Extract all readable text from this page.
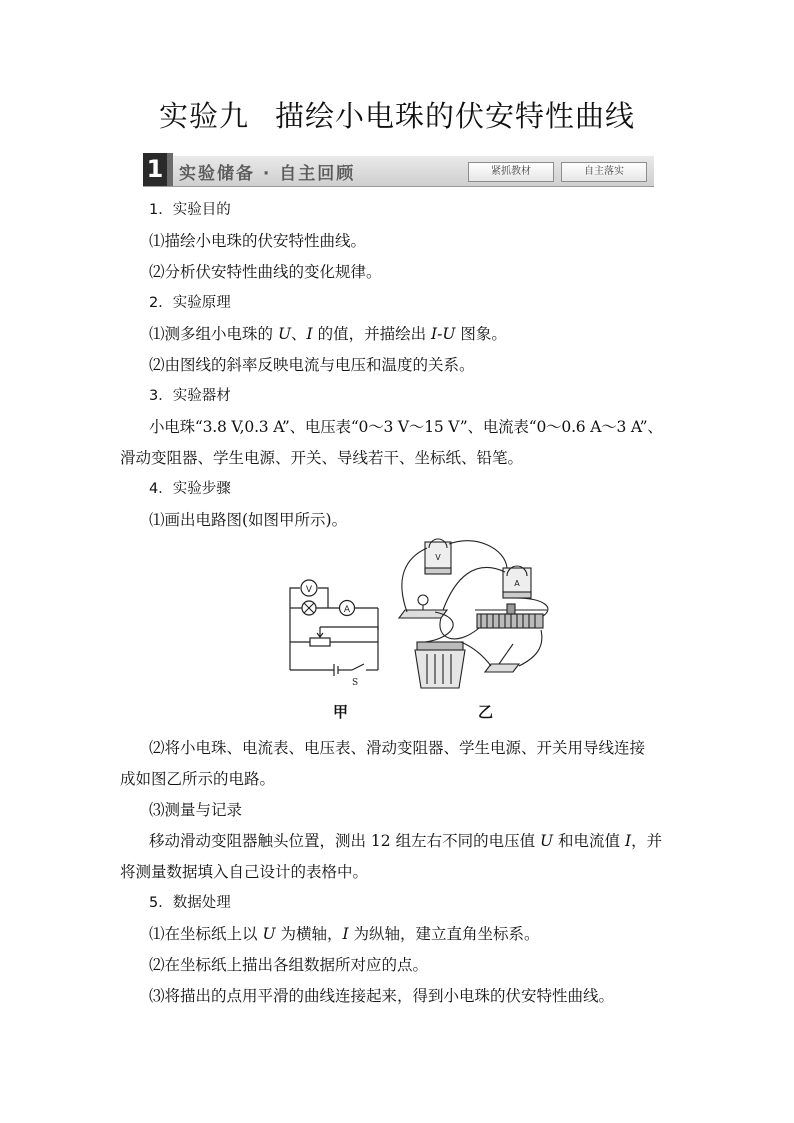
实验九 描绘小电珠的伏安特性曲线
1 实验储备 · 自主回顾	紧抓教材	自主落实
1．实验目的
⑴描绘小电珠的伏安特性曲线。
⑵分析伏安特性曲线的变化规律。
2．实验原理
⑴测多组小电珠的 U、I 的值，并描绘出 I-U 图象。
⑵由图线的斜率反映电流与电压和温度的关系。
3．实验器材
小电珠“3.8 V,0.3 A”、电压表“0～3 V～15 V”、电流表“0～0.6 A～3 A”、
滑动变阻器、学生电源、开关、导线若干、坐标纸、铅笔。
4．实验步骤
⑴画出电路图(如图甲所示)。
V
A
S
V
A
甲	乙
⑵将小电珠、电流表、电压表、滑动变阻器、学生电源、开关用导线连接
成如图乙所示的电路。
⑶测量与记录
移动滑动变阻器触头位置，测出 12 组左右不同的电压值 U 和电流值 I，并
将测量数据填入自己设计的表格中。
5．数据处理
⑴在坐标纸上以 U 为横轴，I 为纵轴，建立直角坐标系。
⑵在坐标纸上描出各组数据所对应的点。
⑶将描出的点用平滑的曲线连接起来，得到小电珠的伏安特性曲线。
